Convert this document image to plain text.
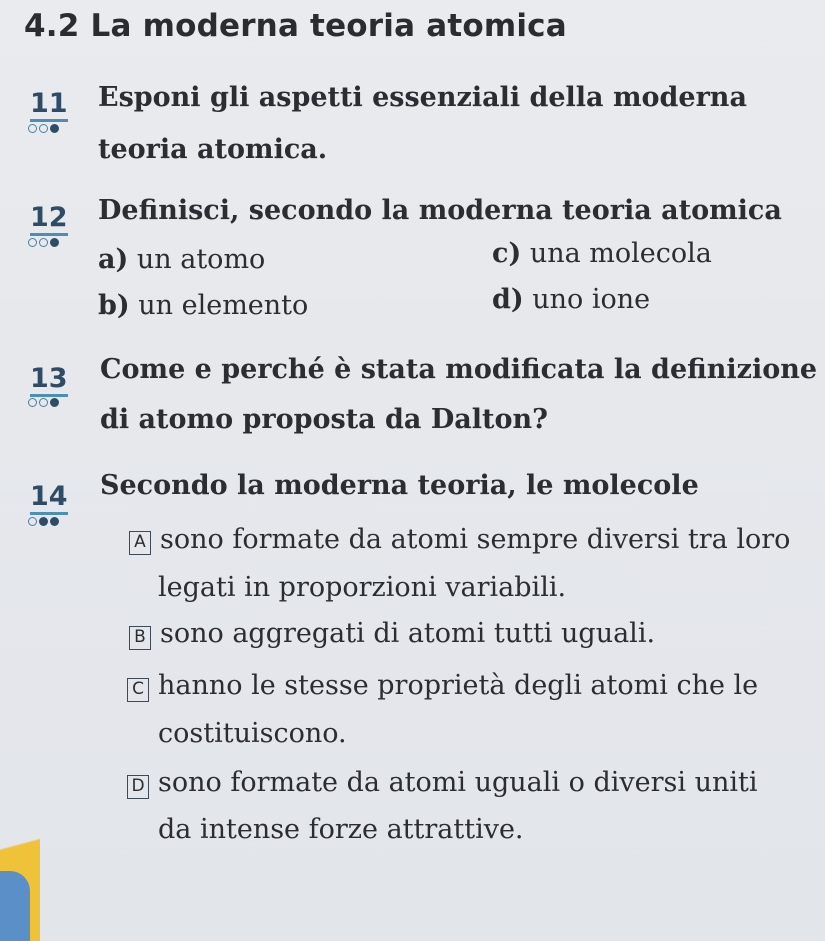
4.2 La moderna teoria atomica
11 Esponi gli aspetti essenziali della moderna
teoria atomica.
12 Definisci, secondo la moderna teoria atomica
a) un atomo	c) una molecola
b) un elemento	d) uno ione
13 Come e perché è stata modificata la definizione
di atomo proposta da Dalton?
14 Secondo la moderna teoria, le molecole
A sono formate da atomi sempre diversi tra loro
legati in proporzioni variabili.
B sono aggregati di atomi tutti uguali.
C hanno le stesse proprietà degli atomi che le
costituiscono.
D sono formate da atomi uguali o diversi uniti
da intense forze attrattive.
